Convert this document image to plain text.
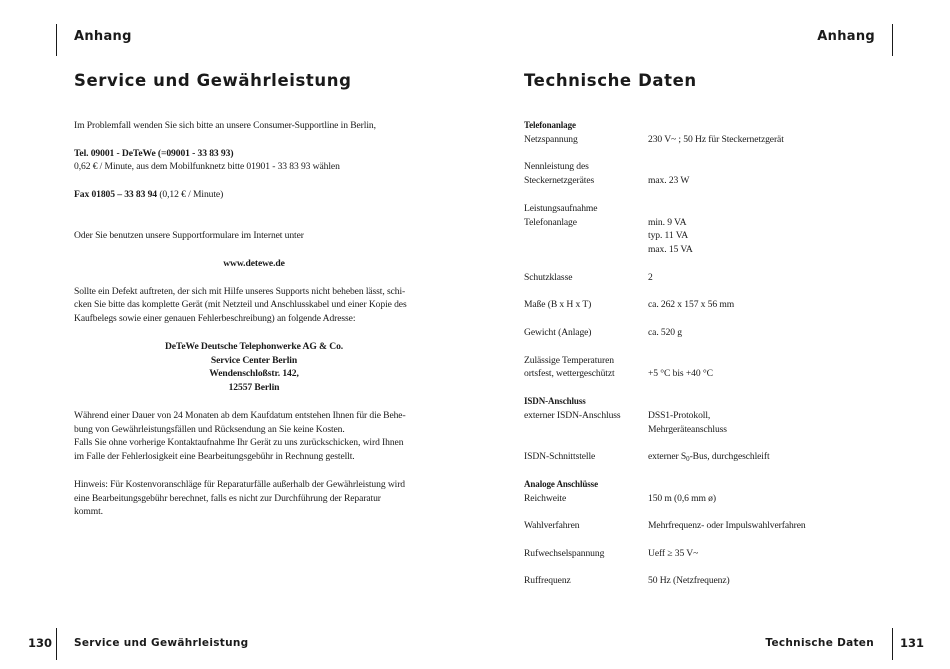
Anhang
Service und Gewährleistung

Im Problemfall wenden Sie sich bitte an unsere Consumer-Supportline in Berlin,

Tel. 09001 - DeTeWe (=09001 - 33 83 93)

0,62 € / Minute, aus dem Mobilfunknetz bitte 01901 - 33 83 93 wählen

Fax 01805 – 33 83 94 (0,12 € / Minute)

Oder Sie benutzen unsere Supportformulare im Internet unter

www.detewe.de

Sollte ein Defekt auftreten, der sich mit Hilfe unseres Supports nicht beheben lässt, schi-

cken Sie bitte das komplette Gerät (mit Netzteil und Anschlusskabel und einer Kopie des

Kaufbelegs sowie einer genauen Fehlerbeschreibung) an folgende Adresse:

DeTeWe Deutsche Telephonwerke AG & Co.

Service Center Berlin

Wendenschloßstr. 142,

12557 Berlin

Während einer Dauer von 24 Monaten ab dem Kaufdatum entstehen Ihnen für die Behe-

bung von Gewährleistungsfällen und Rücksendung an Sie keine Kosten.

Falls Sie ohne vorherige Kontaktaufnahme Ihr Gerät zu uns zurückschicken, wird Ihnen

im Falle der Fehlerlosigkeit eine Bearbeitungsgebühr in Rechnung gestellt.

Hinweis: Für Kostenvoranschläge für Reparaturfälle außerhalb der Gewährleistung wird

eine Bearbeitungsgebühr berechnet, falls es nicht zur Durchführung der Reparatur

kommt.

130 Service und Gewährleistung
Anhang
Technische Daten
Telefonanlage
Netzspannung	230 V~ ; 50 Hz für Steckernetzgerät
Nennleistung des
Steckernetzgerätes	max. 23 W
Leistungsaufnahme
Telefonanlage	min. 9 VA
typ. 11 VA
max. 15 VA
Schutzklasse	2
Maße (B x H x T)	ca. 262 x 157 x 56 mm
Gewicht (Anlage)	ca. 520 g
Zulässige Temperaturen
ortsfest, wettergeschützt	+5 °C bis +40 °C
ISDN-Anschluss
externer ISDN-Anschluss	DSS1-Protokoll,
Mehrgeräteanschluss
ISDN-Schnittstelle	externer $S_0$-Bus, durchgeschleift
Analoge Anschlüsse
Reichweite	150 m (0,6 mm ø)
Wahlverfahren	Mehrfrequenz- oder Impulswahlverfahren
Rufwechselspannung	Ueff ≥ 35 V~
Ruffrequenz	50 Hz (Netzfrequenz)
Technische Daten 131
